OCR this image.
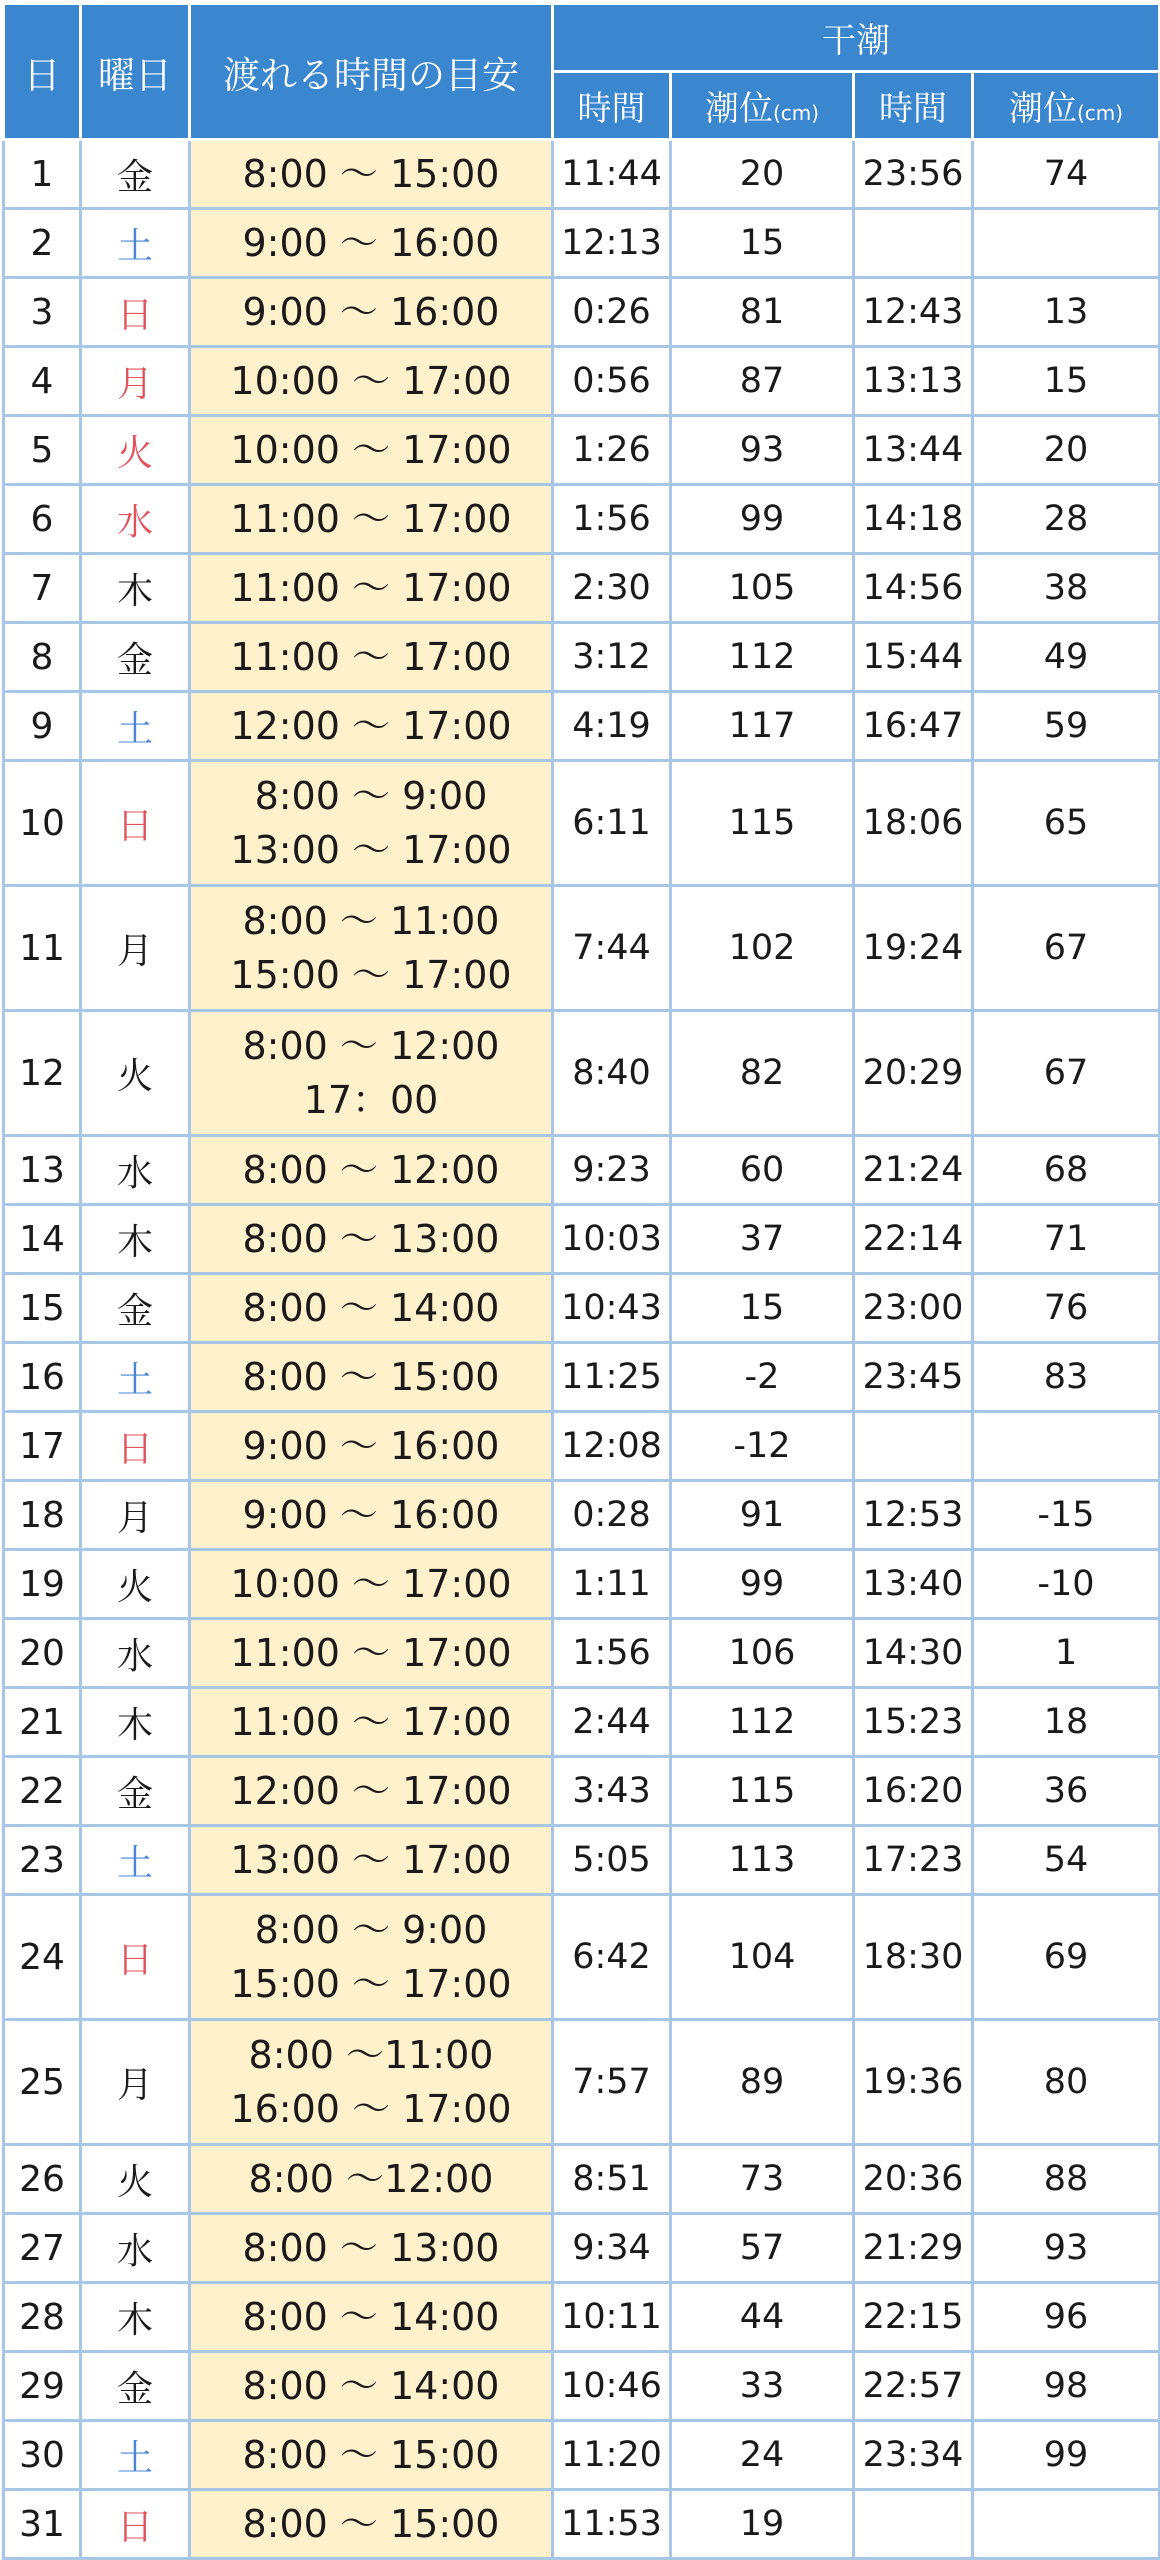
日	曜日	渡れる時間の目安	干潮			
			時間	潮位(cm)	時間	潮位(cm)
1	金	8:00 〜 15:00	11:44	20	23:56	74
2	土	9:00 〜 16:00	12:13	15		
3	日	9:00 〜 16:00	0:26	81	12:43	13
4	月	10:00 〜 17:00	0:56	87	13:13	15
5	火	10:00 〜 17:00	1:26	93	13:44	20
6	水	11:00 〜 17:00	1:56	99	14:18	28
7	木	11:00 〜 17:00	2:30	105	14:56	38
8	金	11:00 〜 17:00	3:12	112	15:44	49
9	土	12:00 〜 17:00	4:19	117	16:47	59
10	日	8:00 〜 9:00
13:00 〜 17:00	6:11	115	18:06	65
11	月	8:00 〜 11:00
15:00 〜 17:00	7:44	102	19:24	67
12	火	8:00 〜 12:00
17：00	8:40	82	20:29	67
13	水	8:00 〜 12:00	9:23	60	21:24	68
14	木	8:00 〜 13:00	10:03	37	22:14	71
15	金	8:00 〜 14:00	10:43	15	23:00	76
16	土	8:00 〜 15:00	11:25	-2	23:45	83
17	日	9:00 〜 16:00	12:08	-12		
18	月	9:00 〜 16:00	0:28	91	12:53	-15
19	火	10:00 〜 17:00	1:11	99	13:40	-10
20	水	11:00 〜 17:00	1:56	106	14:30	1
21	木	11:00 〜 17:00	2:44	112	15:23	18
22	金	12:00 〜 17:00	3:43	115	16:20	36
23	土	13:00 〜 17:00	5:05	113	17:23	54
24	日	8:00 〜 9:00
15:00 〜 17:00	6:42	104	18:30	69
25	月	8:00 〜11:00
16:00 〜 17:00	7:57	89	19:36	80
26	火	8:00 〜12:00	8:51	73	20:36	88
27	水	8:00 〜 13:00	9:34	57	21:29	93
28	木	8:00 〜 14:00	10:11	44	22:15	96
29	金	8:00 〜 14:00	10:46	33	22:57	98
30	土	8:00 〜 15:00	11:20	24	23:34	99
31	日	8:00 〜 15:00	11:53	19		
